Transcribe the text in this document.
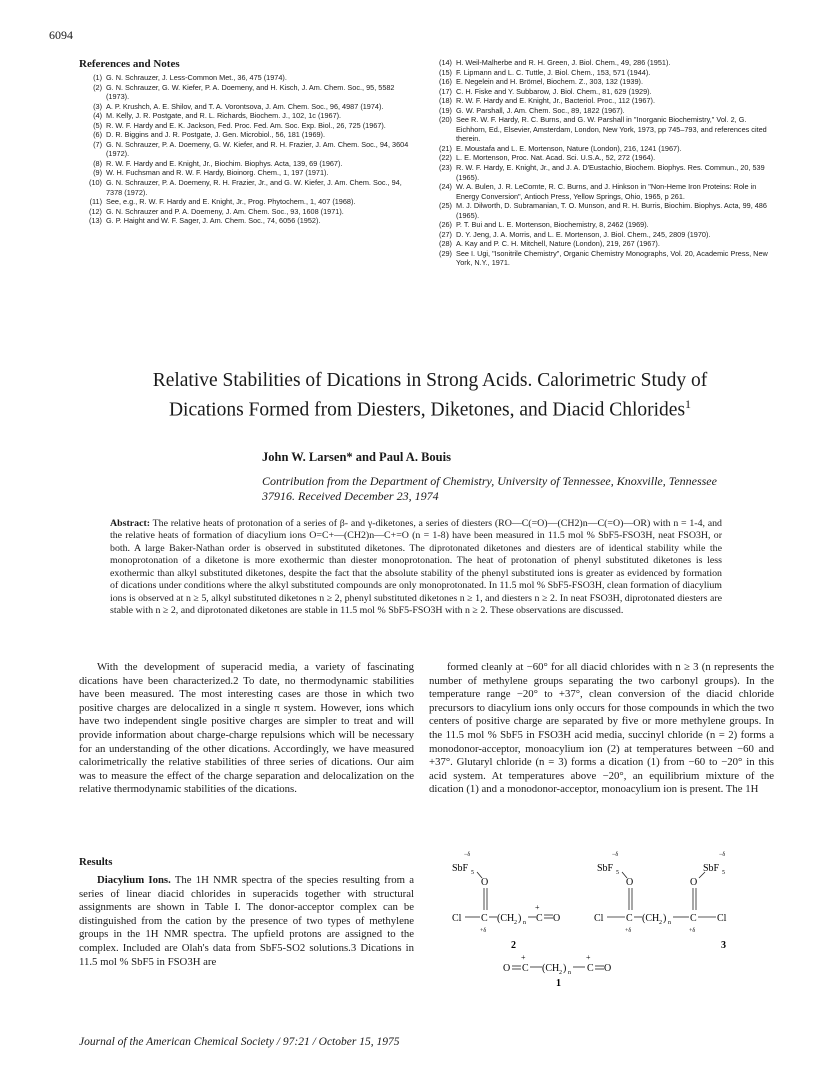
6094
References and Notes
(1) G. N. Schrauzer, J. Less-Common Met., 36, 475 (1974).
(2) G. N. Schrauzer, G. W. Kiefer, P. A. Doemeny, and H. Kisch, J. Am. Chem. Soc., 95, 5582 (1973).
(3) A. P. Krushch, A. E. Shilov, and T. A. Vorontsova, J. Am. Chem. Soc., 96, 4987 (1974).
(4) M. Kelly, J. R. Postgate, and R. L. Richards, Biochem. J., 102, 1c (1967).
(5) R. W. F. Hardy and E. K. Jackson, Fed. Proc. Fed. Am. Soc. Exp. Biol., 26, 725 (1967).
(6) D. R. Biggins and J. R. Postgate, J. Gen. Microbiol., 56, 181 (1969).
(7) G. N. Schrauzer, P. A. Doemeny, G. W. Kiefer, and R. H. Frazier, J. Am. Chem. Soc., 94, 3604 (1972).
(8) R. W. F. Hardy and E. Knight, Jr., Biochim. Biophys. Acta, 139, 69 (1967).
(9) W. H. Fuchsman and R. W. F. Hardy, Bioinorg. Chem., 1, 197 (1971).
(10) G. N. Schrauzer, P. A. Doemeny, R. H. Frazier, Jr., and G. W. Kiefer, J. Am. Chem. Soc., 94, 7378 (1972).
(11) See, e.g., R. W. F. Hardy and E. Knight, Jr., Prog. Phytochem., 1, 407 (1968).
(12) G. N. Schrauzer and P. A. Doemeny, J. Am. Chem. Soc., 93, 1608 (1971).
(13) G. P. Haight and W. F. Sager, J. Am. Chem. Soc., 74, 6056 (1952).
(14) H. Weil-Malherbe and R. H. Green, J. Biol. Chem., 49, 286 (1951).
(15) F. Lipmann and L. C. Tuttle, J. Biol. Chem., 153, 571 (1944).
(16) E. Negelein and H. Brömel, Biochem. Z., 303, 132 (1939).
(17) C. H. Fiske and Y. Subbarow, J. Biol. Chem., 81, 629 (1929).
(18) R. W. F. Hardy and E. Knight, Jr., Bacteriol. Proc., 112 (1967).
(19) G. W. Parshall, J. Am. Chem. Soc., 89, 1822 (1967).
(20) See R. W. F. Hardy, R. C. Burns, and G. W. Parshall in "Inorganic Biochemistry," Vol. 2, G. Eichhorn, Ed., Elsevier, Amsterdam, London, New York, 1973, pp 745–793, and references cited therein.
(21) E. Moustafa and L. E. Mortenson, Nature (London), 216, 1241 (1967).
(22) L. E. Mortenson, Proc. Nat. Acad. Sci. U.S.A., 52, 272 (1964).
(23) R. W. F. Hardy, E. Knight, Jr., and J. A. D'Eustachio, Biochem. Biophys. Res. Commun., 20, 539 (1965).
(24) W. A. Bulen, J. R. LeComte, R. C. Burns, and J. Hinkson in "Non-Heme Iron Proteins: Role in Energy Conversion", Antioch Press, Yellow Springs, Ohio, 1965, p 261.
(25) M. J. Dilworth, D. Subramanian, T. O. Munson, and R. H. Burris, Biochim. Biophys. Acta, 99, 486 (1965).
(26) P. T. Bui and L. E. Mortenson, Biochemistry, 8, 2462 (1969).
(27) D. Y. Jeng, J. A. Morris, and L. E. Mortenson, J. Biol. Chem., 245, 2809 (1970).
(28) A. Kay and P. C. H. Mitchell, Nature (London), 219, 267 (1967).
(29) See I. Ugi, "Isonitrile Chemistry", Organic Chemistry Monographs, Vol. 20, Academic Press, New York, N.Y., 1971.
Relative Stabilities of Dications in Strong Acids. Calorimetric Study of Dications Formed from Diesters, Diketones, and Diacid Chlorides$^1$
John W. Larsen* and Paul A. Bouis
Contribution from the Department of Chemistry, University of Tennessee, Knoxville, Tennessee 37916. Received December 23, 1974
Abstract: The relative heats of protonation of a series of β- and γ-diketones, a series of diesters (RO—C(=O)—(CH2)n—C(=O)—OR) with n = 1-4, and the relative heats of formation of diacylium ions O=C+—(CH2)n—C+=O (n = 1-8) have been measured in 11.5 mol % SbF5-FSO3H, neat FSO3H, or both. A large Baker-Nathan order is observed in substituted diketones. The diprotonated diketones and diesters are of identical stability while the monoprotonation of a diketone is more exothermic than diester monoprotonation. The heat of protonation of phenyl substituted diketones is less exothermic than alkyl substituted diketones, despite the fact that the absolute stability of the phenyl substituted ions is greater as evidenced by formation of dications under conditions where the alkyl substituted compounds are only monoprotonated. In 11.5 mol % SbF5-FSO3H, clean formation of diacylium ions is observed at n ≥ 5, alkyl substituted diketones n ≥ 2, phenyl substituted diketones n ≥ 1, and diesters n ≥ 2. In neat FSO3H, diprotonated diesters are stable with n ≥ 2, and diprotonated diketones are stable in 11.5 mol % SbF5-FSO3H with n ≥ 2. These observations are discussed.

With the development of superacid media, a variety of fascinating dications have been characterized.2 To date, no thermodynamic stabilities have been measured. The most interesting cases are those in which two positive charges are delocalized in a single π system. However, ions which have two independent single positive charges are simpler to treat and will provide information about charge-charge repulsions which will be necessary for an understanding of the other dications. Accordingly, we have measured calorimetrically the relative stabilities of three series of dications. Our aim was to measure the effect of the charge separation and delocalization on the relative thermodynamic stabilities of the dications.

Results

Diacylium Ions. The 1H NMR spectra of the species resulting from a series of linear diacid chlorides in superacids together with structural assignments are shown in Table I. The donor-acceptor complex can be distinguished from the cation by the presence of two types of methylene groups in the 1H NMR spectra. The upfield protons are assigned to the complex. Included are Olah's data from SbF5-SO2 solutions.3 Dications in 11.5 mol % SbF5 in FSO3H are

formed cleanly at −60° for all diacid chlorides with n ≥ 3 (n represents the number of methylene groups separating the two carbonyl groups). In the temperature range −20° to +37°, clean conversion of the diacid chloride precursors to diacylium ions only occurs for those compounds in which the two centers of positive charge are separated by five or more methylene groups. In the 11.5 mol % SbF5 in FSO3H acid media, succinyl chloride (n = 2) forms a monodonor-acceptor, monoacylium ion (2) at temperatures between −60 and +37°. Glutaryl chloride (n = 3) forms a dication (1) from −60 to −20° in this acid system. At temperatures above −20°, an equilibrium mixture of the dication (1) and a monodonor-acceptor, monoacylium ion is present. The 1H

−δ
SbF 5
O
Cl C (CH 2 ) n
+
C O
+δ
2
−δ
SbF 5
O
Cl C (CH 2 ) n C Cl
O
SbF 5
−δ
+δ	+δ
3
O
+
C (CH 2 ) n
+
C O
1
Journal of the American Chemical Society / 97:21 / October 15, 1975
